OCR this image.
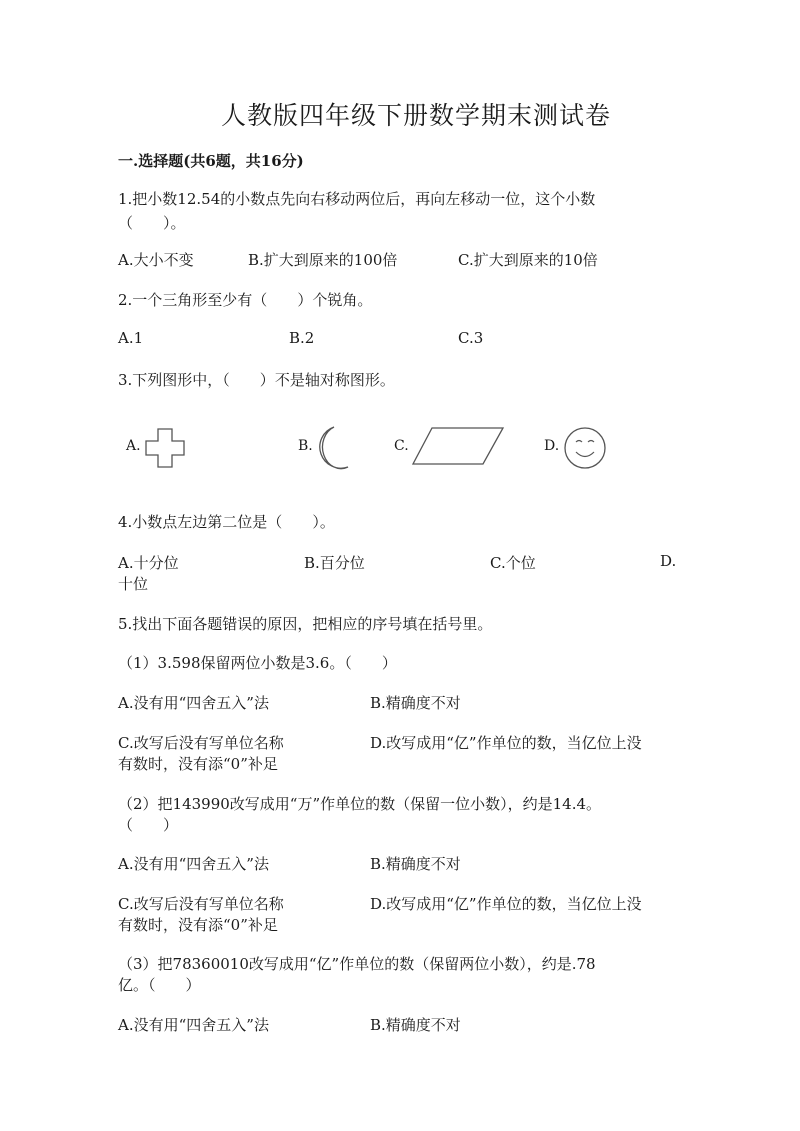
人教版四年级下册数学期末测试卷
一.选择题(共6题，共16分)
1.把小数12.54的小数点先向右移动两位后，再向左移动一位，这个小数
（　　）。
A.大小不变	B.扩大到原来的100倍	C.扩大到原来的10倍
2.一个三角形至少有（　　）个锐角。
A.1	B.2	C.3
3.下列图形中，（　　）不是轴对称图形。
A.	B.	C.	D.
4.小数点左边第二位是（　　）。
A.十分位	B.百分位	C.个位	D.
十位
5.找出下面各题错误的原因，把相应的序号填在括号里。
（1）3.598保留两位小数是3.6。（　　）
A.没有用“四舍五入”法	B.精确度不对
C.改写后没有写单位名称	D.改写成用“亿”作单位的数，当亿位上没
有数时，没有添“0”补足
（2）把143990改写成用“万”作单位的数（保留一位小数），约是14.4。
（　　）
A.没有用“四舍五入”法	B.精确度不对
C.改写后没有写单位名称	D.改写成用“亿”作单位的数，当亿位上没
有数时，没有添“0”补足
（3）把78360010改写成用“亿”作单位的数（保留两位小数），约是.78
亿。（　　）
A.没有用“四舍五入”法	B.精确度不对
